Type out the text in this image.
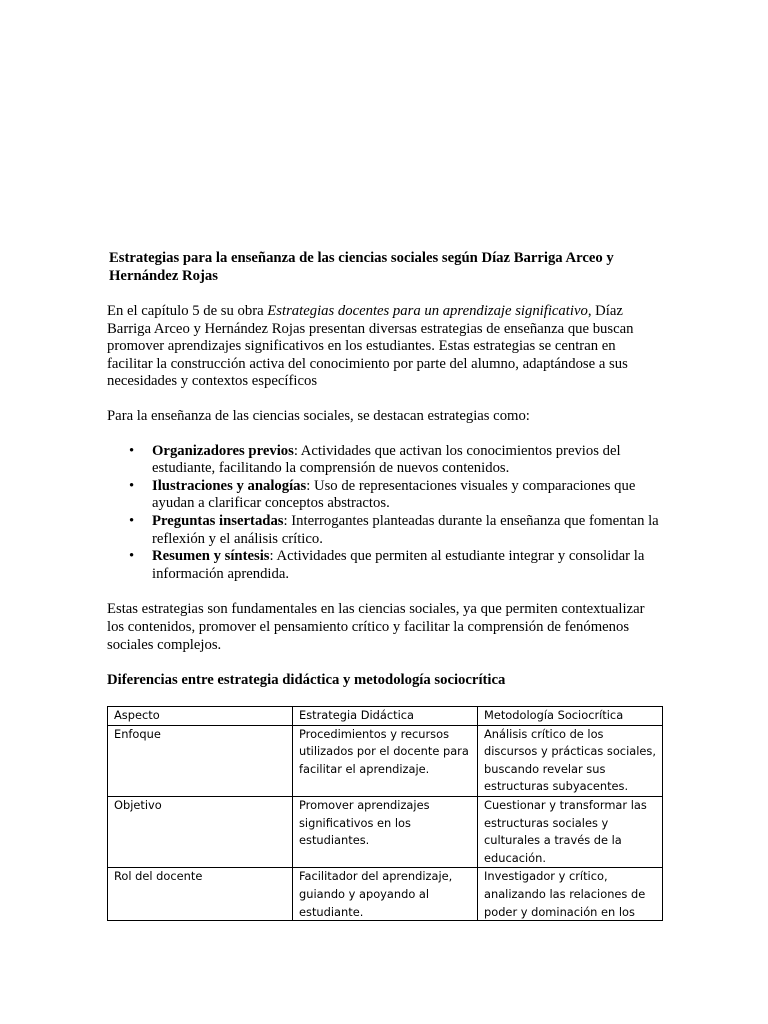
Estrategias para la enseñanza de las ciencias sociales según Díaz Barriga Arceo y Hernández Rojas

En el capítulo 5 de su obra Estrategias docentes para un aprendizaje significativo, Díaz Barriga Arceo y Hernández Rojas presentan diversas estrategias de enseñanza que buscan promover aprendizajes significativos en los estudiantes. Estas estrategias se centran en facilitar la construcción activa del conocimiento por parte del alumno, adaptándose a sus necesidades y contextos específicos

Para la enseñanza de las ciencias sociales, se destacan estrategias como:

• Organizadores previos: Actividades que activan los conocimientos previos del estudiante, facilitando la comprensión de nuevos contenidos.
• Ilustraciones y analogías: Uso de representaciones visuales y comparaciones que ayudan a clarificar conceptos abstractos.
• Preguntas insertadas: Interrogantes planteadas durante la enseñanza que fomentan la reflexión y el análisis crítico.
• Resumen y síntesis: Actividades que permiten al estudiante integrar y consolidar la información aprendida.

Estas estrategias son fundamentales en las ciencias sociales, ya que permiten contextualizar los contenidos, promover el pensamiento crítico y facilitar la comprensión de fenómenos sociales complejos.

Diferencias entre estrategia didáctica y metodología sociocrítica
Aspecto	Estrategia Didáctica	Metodología Sociocrítica
Enfoque	Procedimientos y recursos utilizados por el docente para facilitar el aprendizaje.	Análisis crítico de los discursos y prácticas sociales, buscando revelar sus estructuras subyacentes.
Objetivo	Promover aprendizajes significativos en los estudiantes.	Cuestionar y transformar las estructuras sociales y culturales a través de la educación.

Rol del docente	Facilitador del aprendizaje, guiando y apoyando al estudiante.	Investigador y crítico, analizando las relaciones de poder y dominación en los
